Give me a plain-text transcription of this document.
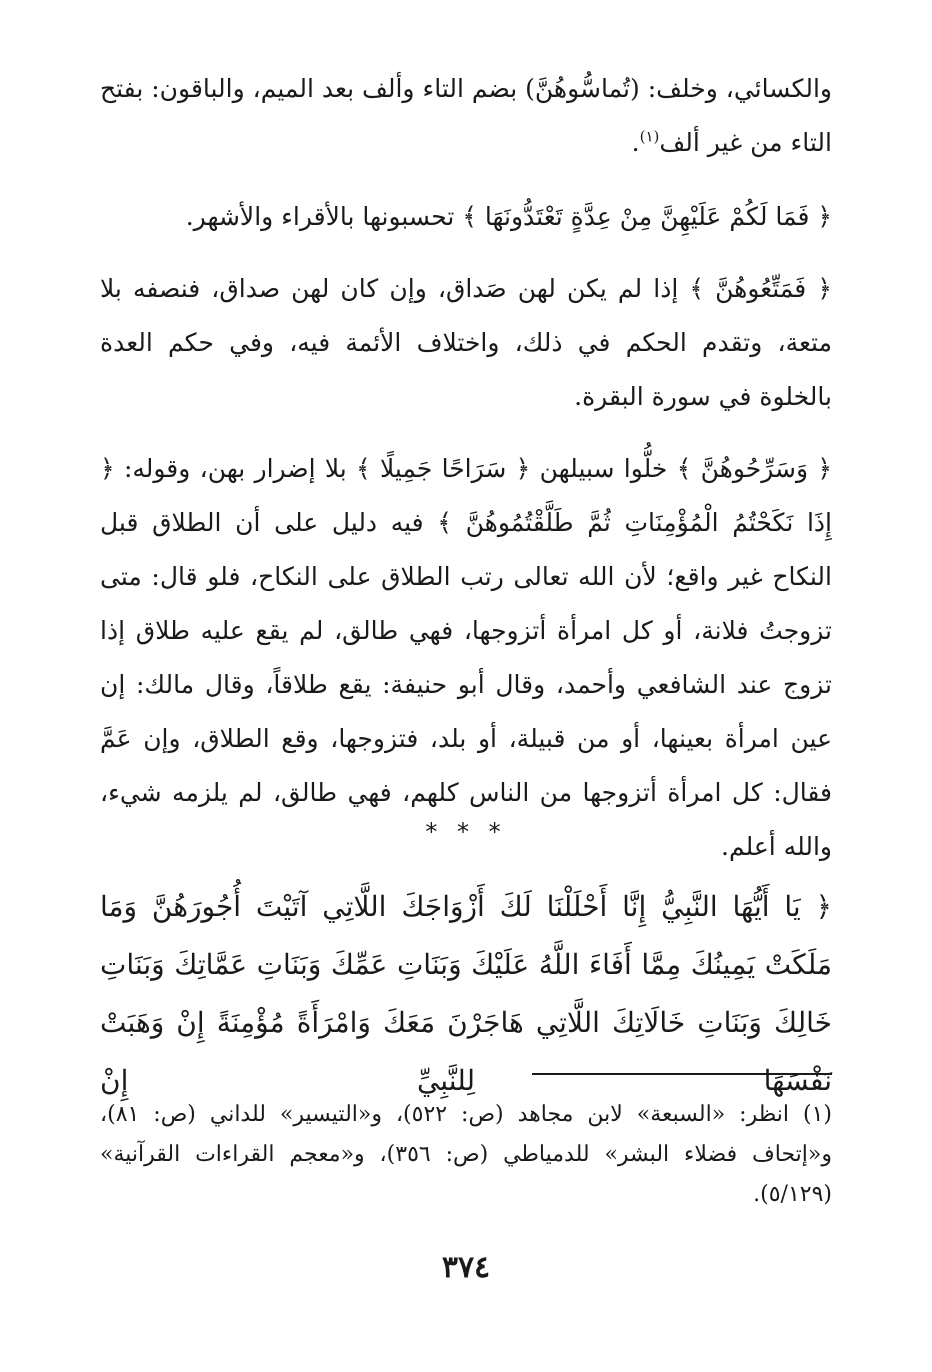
والكسائي، وخلف: (تُماسُّوهُنَّ) بضم التاء وألف بعد الميم، والباقون: بفتح التاء من غير ألف$^{(١)}$.

﴿ فَمَا لَكُمْ عَلَيْهِنَّ مِنْ عِدَّةٍ تَعْتَدُّونَهَا ﴾ تحسبونها بالأقراء والأشهر.

﴿ فَمَتِّعُوهُنَّ ﴾ إذا لم يكن لهن صَداق، وإن كان لهن صداق، فنصفه بلا متعة، وتقدم الحكم في ذلك، واختلاف الأئمة فيه، وفي حكم العدة بالخلوة في سورة البقرة.

﴿ وَسَرِّحُوهُنَّ ﴾ خلُّوا سبيلهن ﴿ سَرَاحًا جَمِيلًا ﴾ بلا إضرار بهن، وقوله: ﴿ إِذَا نَكَحْتُمُ الْمُؤْمِنَاتِ ثُمَّ طَلَّقْتُمُوهُنَّ ﴾ فيه دليل على أن الطلاق قبل النكاح غير واقع؛ لأن الله تعالى رتب الطلاق على النكاح، فلو قال: متى تزوجتُ فلانة، أو كل امرأة أتزوجها، فهي طالق، لم يقع عليه طلاق إذا تزوج عند الشافعي وأحمد، وقال أبو حنيفة: يقع طلاقاً، وقال مالك: إن عين امرأة بعينها، أو من قبيلة، أو بلد، فتزوجها، وقع الطلاق، وإن عَمَّ فقال: كل امرأة أتزوجها من الناس كلهم، فهي طالق، لم يلزمه شيء، والله أعلم.

* * *

﴿ يَا أَيُّهَا النَّبِيُّ إِنَّا أَحْلَلْنَا لَكَ أَزْوَاجَكَ اللَّاتِي آتَيْتَ أُجُورَهُنَّ وَمَا مَلَكَتْ يَمِينُكَ مِمَّا أَفَاءَ اللَّهُ عَلَيْكَ وَبَنَاتِ عَمِّكَ وَبَنَاتِ عَمَّاتِكَ وَبَنَاتِ خَالِكَ وَبَنَاتِ خَالَاتِكَ اللَّاتِي هَاجَرْنَ مَعَكَ وَامْرَأَةً مُؤْمِنَةً إِنْ وَهَبَتْ نَفْسَهَا لِلنَّبِيِّ إِنْ

(١) انظر: «السبعة» لابن مجاهد (ص: ٥٢٢)، و«التيسير» للداني (ص: ٨١)، و«إتحاف فضلاء البشر» للدمياطي (ص: ٣٥٦)، و«معجم القراءات القرآنية» (٥/١٢٩).

٣٧٤
